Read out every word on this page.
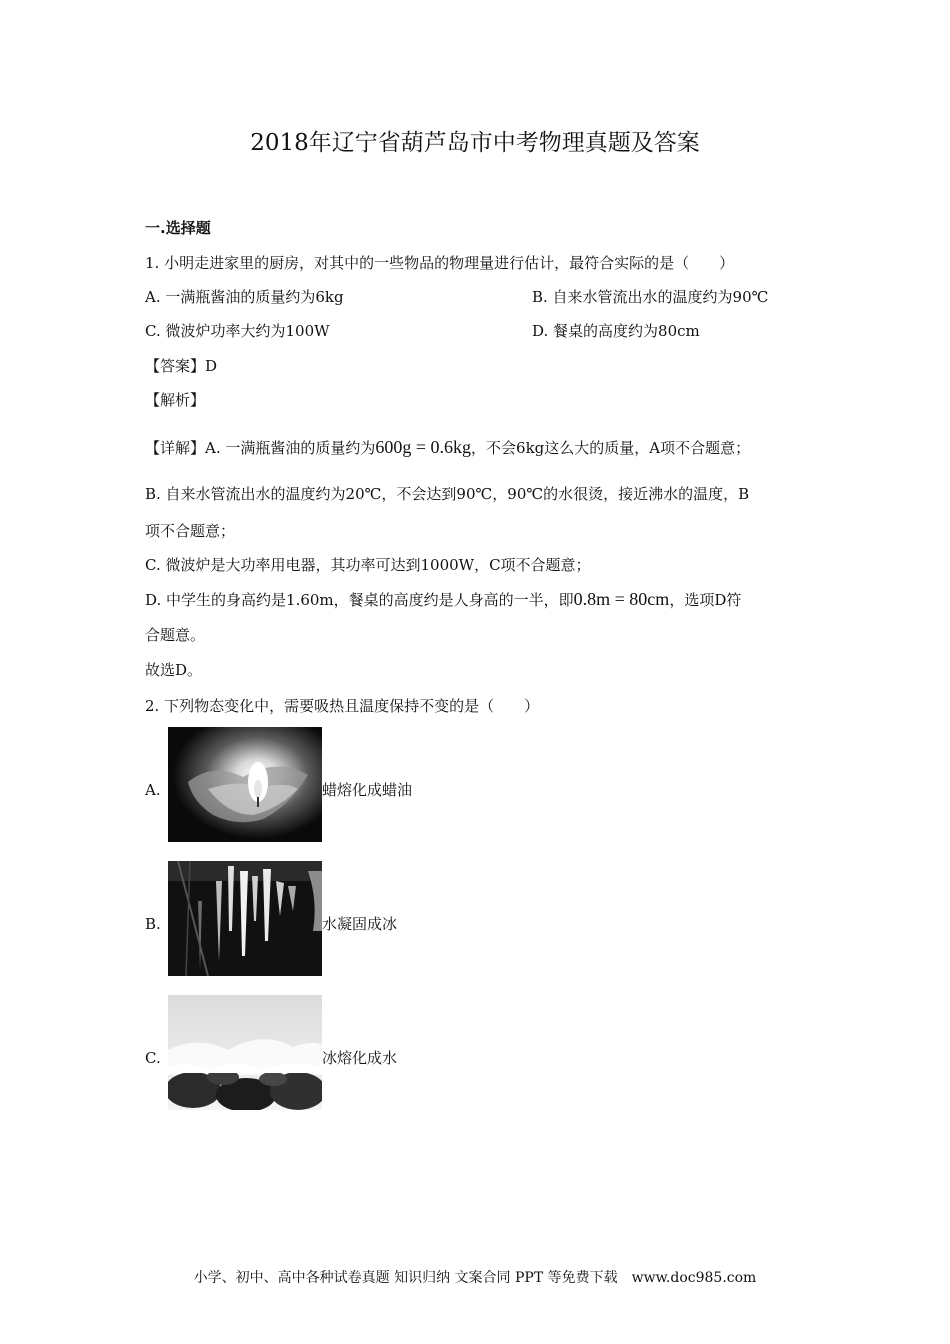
2018年辽宁省葫芦岛市中考物理真题及答案
一.选择题
1. 小明走进家里的厨房，对其中的一些物品的物理量进行估计，最符合实际的是（　　）
A. 一满瓶酱油的质量约为6kg	B. 自来水管流出水的温度约为90℃
C. 微波炉功率大约为100W	D. 餐桌的高度约为80cm
【答案】D
【解析】
【详解】A. 一满瓶酱油的质量约为600g = 0.6kg，不会6kg这么大的质量，A项不合题意；
B. 自来水管流出水的温度约为20℃，不会达到90℃，90℃的水很烫，接近沸水的温度，B
项不合题意；
C. 微波炉是大功率用电器，其功率可达到1000W，C项不合题意；
D. 中学生的身高约是1.60m，餐桌的高度约是人身高的一半，即0.8m = 80cm，选项D符
合题意。
故选D。
2. 下列物态变化中，需要吸热且温度保持不变的是（　　）
A.	蜡熔化成蜡油
B.	水凝固成冰
C.	冰熔化成水
小学、初中、高中各种试卷真题 知识归纳 文案合同 PPT 等免费下载　www.doc985.com
